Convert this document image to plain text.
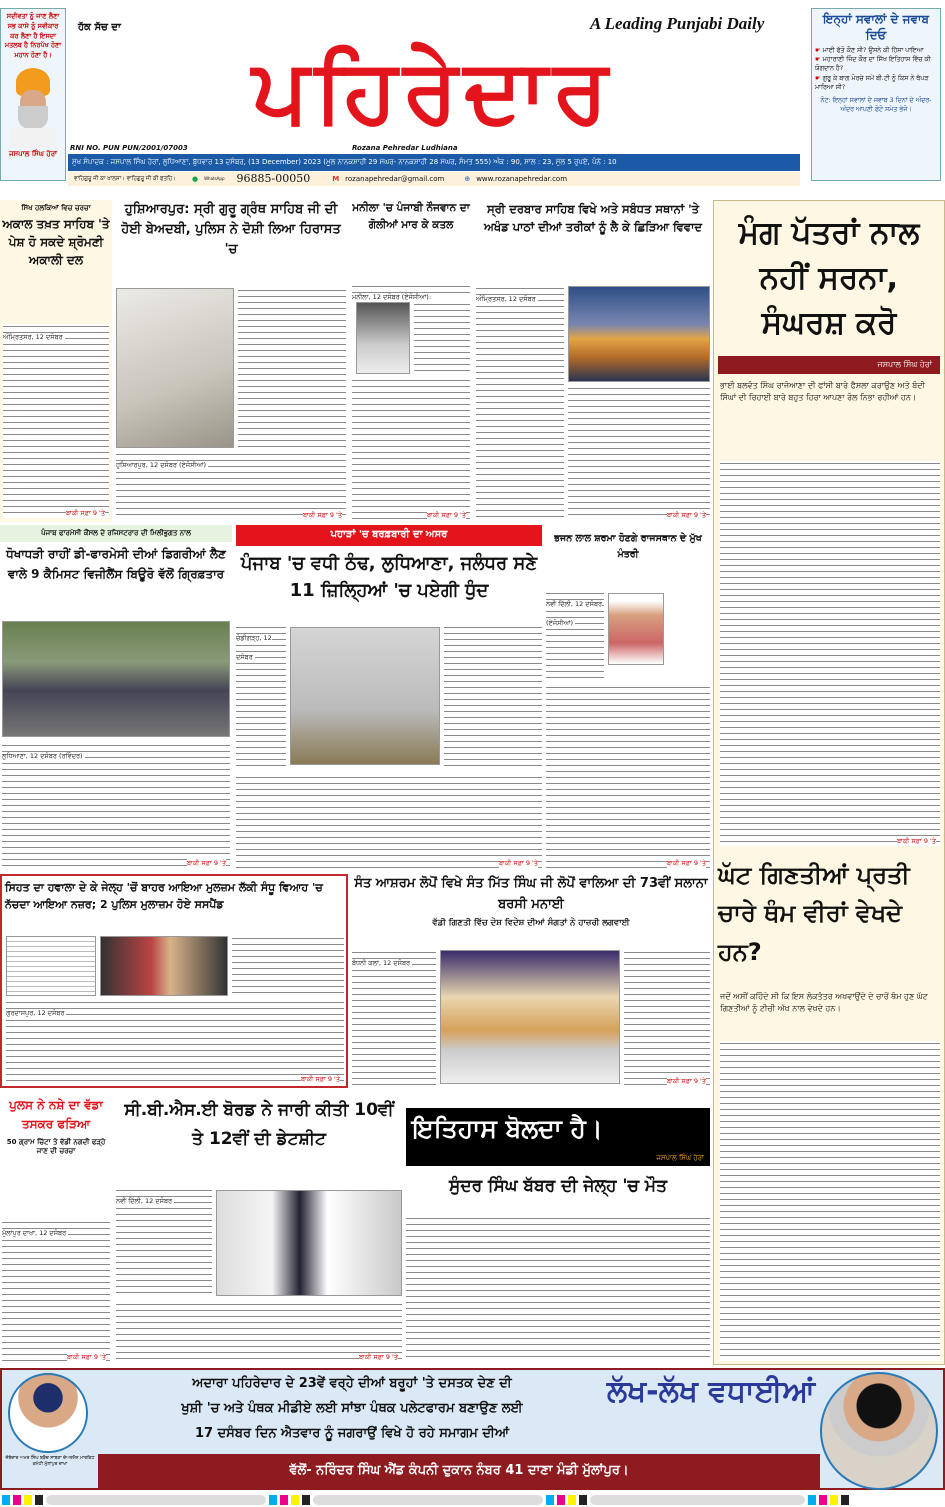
ਸਦੀਵਤਾ ਨੂੰ ਜਾਣ ਲੈਣਾ ਸਭ ਕਾਸੇ ਨੂੰ ਸਵੀਕਾਰ ਕਰ ਲੈਣਾ ਹੈ ਇਸਦਾ ਮਤਲਬ ਹੈ ਨਿਰਪੱਖ ਹੋਣਾ ਮਹਾਨ ਹੋਣਾ ਹੈ।
ਜਸਪਾਲ ਸਿੰਘ ਹੇਰਾਂ
ਹੱਕ ਸੱਚ ਦਾ	A Leading Punjabi Daily
ਪਹਿਰੇਦਾਰ
RNI NO. PUN PUN/2001/07003	Rozana Pehredar Ludhiana
ਮੁੱਖ ਸੰਪਾਦਕ : ਜਸਪਾਲ ਸਿੰਘ ਹੇਰਾਂ, ਲੁਧਿਆਣਾ, ਬੁੱਧਵਾਰ 13 ਦਸੰਬਰ, (13 December) 2023 (ਮੂਲ ਨਾਨਕਸ਼ਾਹੀ 29 ਮੱਘਰ- ਨਾਨਕਸ਼ਾਹੀ 28 ਮੱਘਰ, ਸੰਮਤ 555) ਅੰਕ : 90, ਸਾਲ : 23, ਮੁੱਲ 5 ਰੁਪਏ, ਪੰਨੇ : 10
ਵਾਹਿਗੁਰੂ ਜੀ ਕਾ ਖ਼ਾਲਸਾ। ਵਾਹਿਗੁਰੂ ਜੀ ਕੀ ਫਤਹਿ। ● WhatsApp 96885-00050	M rozanapehredar@gmail.com	⊕ www.rozanapehredar.com
ਇਨ੍ਹਾਂ ਸਵਾਲਾਂ ਦੇ ਜਵਾਬ ਦਿਓ
☛ ਮਾਈ ਫੱਤੋ ਕੌਣ ਸੀ? ਉਸਨੇ ਕੀ ਹਿੱਸਾ ਪਾਇਆ
☛ ਮਹਾਰਾਣੀ ਜਿੰਦ ਕੌਰ ਦਾ ਸਿੱਖ ਇਤਿਹਾਸ ਵਿੱਚ ਕੀ ਯੋਗਦਾਨ ਹੈ?
☛ ਗੁਰੂ ਕੇ ਬਾਗ ਮੋਰਚੇ ਸਮੇਂ ਬੀ.ਟੀ ਨੂੰ ਕਿਸ ਨੇ ਥੱਪੜ ਮਾਰਿਆ ਸੀ?
ਨੋਟ: ਇਨ੍ਹਾਂ ਸਵਾਲਾਂ ਦੇ ਜਵਾਬ 3 ਦਿਨਾਂ ਦੇ ਅੰਦਰ- ਅੰਦਰ ਆਪਣੀ ਫੋਟੋ ਸਮੇਤ ਭੇਜੋ।
ਸਿੱਖ ਹਲਕਿਆਂ ਵਿਚ ਚਰਚਾ
ਅਕਾਲ ਤਖ਼ਤ ਸਾਹਿਬ 'ਤੇ ਪੇਸ਼ ਹੋ ਸਕਦੇ ਸ਼੍ਰੋਮਣੀ ਅਕਾਲੀ ਦਲ
ਅੰਮ੍ਰਿਤਸਰ, 12 ਦਸੰਬਰ
ਬਾਕੀ ਸਫ਼ਾ 9 'ਤੇ
ਹੁਸ਼ਿਆਰਪੁਰ: ਸ੍ਰੀ ਗੁਰੂ ਗ੍ਰੰਥ ਸਾਹਿਬ ਜੀ ਦੀ ਹੋਈ ਬੇਅਦਬੀ, ਪੁਲਿਸ ਨੇ ਦੋਸ਼ੀ ਲਿਆ ਹਿਰਾਸਤ 'ਚ
ਹੁਸ਼ਿਆਰਪੁਰ, 12 ਦਸੰਬਰ (ਏਜੰਸੀਆਂ)
ਬਾਕੀ ਸਫ਼ਾ 9 'ਤੇ
ਮਨੀਲਾ 'ਚ ਪੰਜਾਬੀ ਨੌਜਵਾਨ ਦਾ ਗੋਲੀਆਂ ਮਾਰ ਕੇ ਕਤਲ
ਮਨੀਲਾ, 12 ਦਸੰਬਰ (ਏਜੰਸੀਆਂ):
ਬਾਕੀ ਸਫ਼ਾ 9 'ਤੇ
ਸ੍ਰੀ ਦਰਬਾਰ ਸਾਹਿਬ ਵਿਖੇ ਅਤੇ ਸਬੰਧਤ ਸਥਾਨਾਂ 'ਤੇ ਅਖੰਡ ਪਾਠਾਂ ਦੀਆਂ ਤਰੀਕਾਂ ਨੂੰ ਲੈ ਕੇ ਛਿੜਿਆ ਵਿਵਾਦ
ਅੰਮ੍ਰਿਤਸਰ, 12 ਦਸੰਬਰ
ਬਾਕੀ ਸਫ਼ਾ 9 'ਤੇ
ਮੰਗ ਪੱਤਰਾਂ ਨਾਲ ਨਹੀਂ ਸਰਨਾ, ਸੰਘਰਸ਼ ਕਰੋ
ਜਸਪਾਲ ਸਿੰਘ ਹੇਰਾਂ
ਭਾਈ ਬਲਵੰਤ ਸਿੰਘ ਰਾਜੋਆਣਾ ਦੀ ਫਾਂਸੀ ਬਾਰੇ ਫੈਸਲਾ ਕਰਾਉਣ ਅਤੇ ਬੰਦੀ ਸਿੰਘਾਂ ਦੀ ਰਿਹਾਈ ਬਾਰੇ ਬਹੁਤ ਹਿਰਾ ਆਪਣਾ ਰੋਲ ਨਿਭਾ ਰਹੀਆਂ ਹਨ।
ਬਾਕੀ ਸਫ਼ਾ 9 'ਤੇ
ਘੱਟ ਗਿਣਤੀਆਂ ਪ੍ਰਤੀ ਚਾਰੇ ਥੰਮ ਵੀਰਾਂ ਵੇਖਦੇ ਹਨ?
ਜਦੋਂ ਅਸੀਂ ਕਹਿੰਦੇ ਸੀ ਕਿ ਇਸ ਲੋਕਤੰਤਰ ਅਖਵਾਉਂਦੇ ਦੇ ਚਾਰੋਂ ਥੰਮ ਹੁਣ ਘੱਟ ਗਿਣਤੀਆਂ ਨੂੰ ਟੀਚੀ ਅੱਖ ਨਾਲ ਵੇਖਦੇ ਹਨ।
ਪੰਜਾਬ ਫਾਰਮੇਸੀ ਕੌਂਸਲ ਦੇ ਰਜਿਸਟਰਾਰ ਦੀ ਮਿਲੀਭੁਗਤ ਨਾਲ
ਧੋਖਾਧੜੀ ਰਾਹੀਂ ਡੀ-ਫਾਰਮੇਸੀ ਦੀਆਂ ਡਿਗਰੀਆਂ ਲੈਣ ਵਾਲੇ 9 ਕੈਮਿਸਟ ਵਿਜੀਲੈਂਸ ਬਿਊਰੋ ਵੱਲੋਂ ਗ੍ਰਿਫ਼ਤਾਰ
ਲੁਧਿਆਣਾ, 12 ਦਸੰਬਰ (ਰਵਿੰਦਰ)
ਬਾਕੀ ਸਫ਼ਾ 9 'ਤੇ
ਪਹਾੜਾਂ 'ਚ ਬਰਫ਼ਬਾਰੀ ਦਾ ਅਸਰ
ਪੰਜਾਬ 'ਚ ਵਧੀ ਠੰਢ, ਲੁਧਿਆਣਾ, ਜਲੰਧਰ ਸਣੇ 11 ਜ਼ਿਲ੍ਹਿਆਂ 'ਚ ਪਏਗੀ ਧੁੰਦ
ਚੰਡੀਗੜ੍ਹ, 12 ਦਸੰਬਰ
ਬਾਕੀ ਸਫ਼ਾ 9 'ਤੇ
ਭਜਨ ਲਾਲ ਸ਼ਰਮਾ ਹੋਣਗੇ ਰਾਜਸਥਾਨ ਦੇ ਮੁੱਖ ਮੰਤਰੀ
ਨਵੀਂ ਦਿੱਲੀ, 12 ਦਸੰਬਰ (ਏਜੰਸੀਆਂ)
ਬਾਕੀ ਸਫ਼ਾ 9 'ਤੇ
ਸਿਹਤ ਦਾ ਹਵਾਲਾ ਦੇ ਕੇ ਜੇਲ੍ਹ 'ਚੋਂ ਬਾਹਰ ਆਇਆ ਮੁਲਜ਼ਮ ਲੱਕੀ ਸੰਧੂ ਵਿਆਹ 'ਚ ਨੱਚਦਾ ਆਇਆ ਨਜ਼ਰ; 2 ਪੁਲਿਸ ਮੁਲਾਜ਼ਮ ਹੋਏ ਸਸਪੈਂਡ
ਗੁਰਦਾਸਪੁਰ, 12 ਦਸੰਬਰ
ਬਾਕੀ ਸਫ਼ਾ 9 'ਤੇ
ਸੰਤ ਆਸ਼ਰਮ ਲੋਪੋਂ ਵਿਖੇ ਸੰਤ ਮਿੱਤ ਸਿੰਘ ਜੀ ਲੋਪੋਂ ਵਾਲਿਆ ਦੀ 73ਵੀਂ ਸਲਾਨਾ ਬਰਸੀ ਮਨਾਈ
ਵੱਡੀ ਗਿਣਤੀ ਵਿੱਚ ਦੇਸ਼ ਵਿਦੇਸ਼ ਦੀਆਂ ਸੰਗਤਾਂ ਨੇ ਹਾਜ਼ਰੀ ਲਗਵਾਈ
ਬੱਧਨੀ ਕਲਾਂ, 12 ਦਸੰਬਰ
ਬਾਕੀ ਸਫ਼ਾ 9 'ਤੇ
ਪੁਲਸ ਨੇ ਨਸ਼ੇ ਦਾ ਵੱਡਾ ਤਸਕਰ ਫੜਿਆ
50 ਗ੍ਰਾਮ ਚਿੱਟਾ ਤੇ ਵੱਡੀ ਨਗਦੀ ਫੜ੍ਹੇ ਜਾਣ ਦੀ ਚਰਚਾ
ਮੁੱਲਾਂਪੁਰ ਦਾਖਾ, 12 ਦਸੰਬਰ
ਬਾਕੀ ਸਫ਼ਾ 9 'ਤੇ
ਸੀ.ਬੀ.ਐਸ.ਈ ਬੋਰਡ ਨੇ ਜਾਰੀ ਕੀਤੀ 10ਵੀਂ ਤੇ 12ਵੀਂ ਦੀ ਡੇਟਸ਼ੀਟ
ਨਵੀਂ ਦਿੱਲੀ, 12 ਦਸੰਬਰ
ਬਾਕੀ ਸਫ਼ਾ 9 'ਤੇ
ਇਤਿਹਾਸ ਬੋਲਦਾ ਹੈ।
ਜਸਪਾਲ ਸਿੰਘ ਹੇਰਾਂ
ਸੁੰਦਰ ਸਿੰਘ ਬੱਬਰ ਦੀ ਜੇਲ੍ਹ 'ਚ ਮੌਤ
ਜੱਥੇਦਾਰ ਅਮਰ ਸਿੰਘ ਬੜੈਚ ਸਾਬਕਾ ਚੇਅਰਮੈਨ ਮਾਰਕਿਟ ਕਮੇਟੀ ਮੁੱਲਾਂਪੁਰ ਦਾਖਾ
ਅਦਾਰਾ ਪਹਿਰੇਦਾਰ ਦੇ 23ਵੇਂ ਵਰ੍ਹੇ ਦੀਆਂ ਬਰੂਹਾਂ 'ਤੇ ਦਸਤਕ ਦੇਣ ਦੀ
ਖੁਸ਼ੀ 'ਚ ਅਤੇ ਪੰਥਕ ਮੀਡੀਏ ਲਈ ਸਾਂਝਾ ਪੰਥਕ ਪਲੇਟਫਾਰਮ ਬਣਾਉਣ ਲਈ
17 ਦਸੰਬਰ ਦਿਨ ਐਤਵਾਰ ਨੂੰ ਜਗਰਾਉਂ ਵਿਖੇ ਹੋ ਰਹੇ ਸਮਾਗਮ ਦੀਆਂ
ਲੱਖ-ਲੱਖ ਵਧਾਈਆਂ
ਵੱਲੋਂ- ਨਰਿੰਦਰ ਸਿੰਘ ਐਂਡ ਕੰਪਨੀ ਦੁਕਾਨ ਨੰਬਰ 41 ਦਾਣਾ ਮੰਡੀ ਮੁੱਲਾਂਪੁਰ।
